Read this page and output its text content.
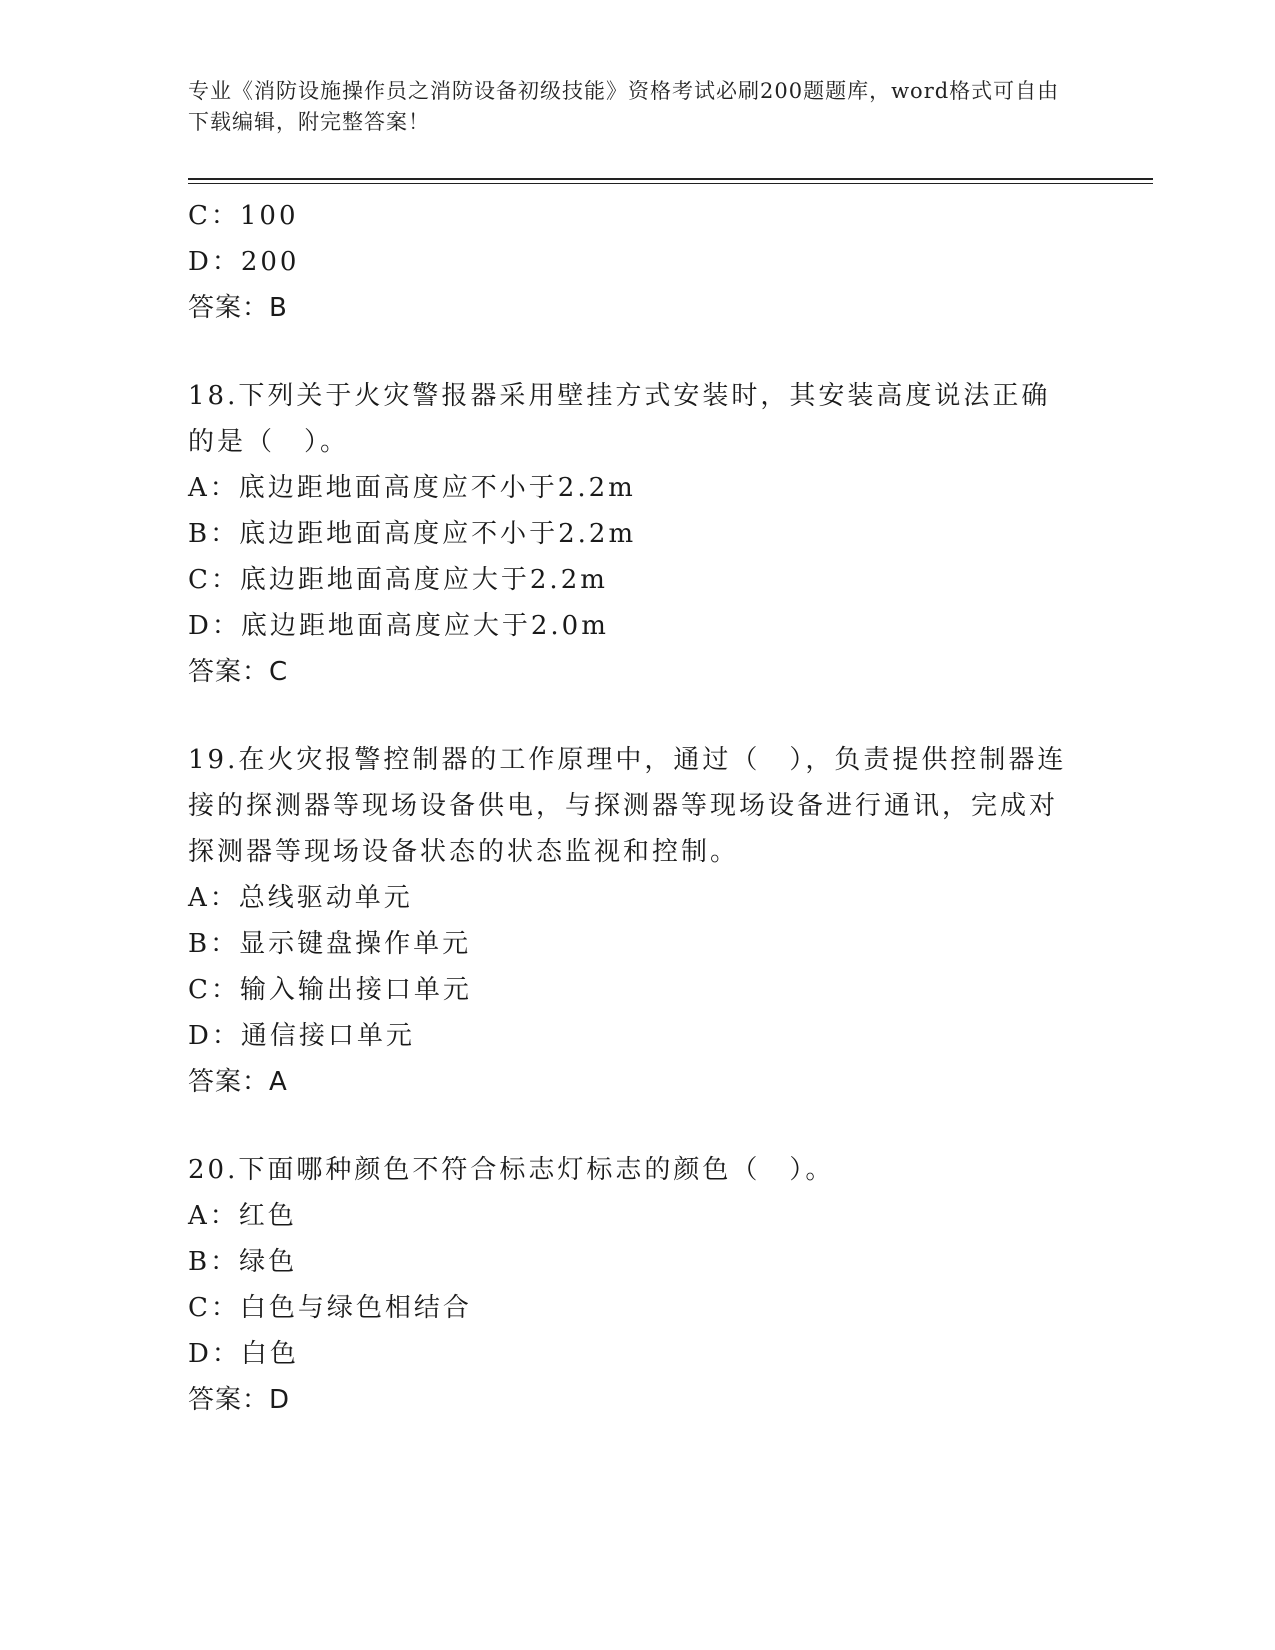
专业《消防设施操作员之消防设备初级技能》资格考试必刷200题题库，word格式可自由下载编辑，附完整答案！
C：100
D：200
答案：B
18.下列关于火灾警报器采用壁挂方式安装时，其安装高度说法正确的是（　）。
A：底边距地面高度应不小于2.2m
B：底边距地面高度应不小于2.2m
C：底边距地面高度应大于2.2m
D：底边距地面高度应大于2.0m
答案：C
19.在火灾报警控制器的工作原理中，通过（　），负责提供控制器连接的探测器等现场设备供电，与探测器等现场设备进行通讯，完成对探测器等现场设备状态的状态监视和控制。
A：总线驱动单元
B：显示键盘操作单元
C：输入输出接口单元
D：通信接口单元
答案：A
20.下面哪种颜色不符合标志灯标志的颜色（　）。
A：红色
B：绿色
C：白色与绿色相结合
D：白色
答案：D
